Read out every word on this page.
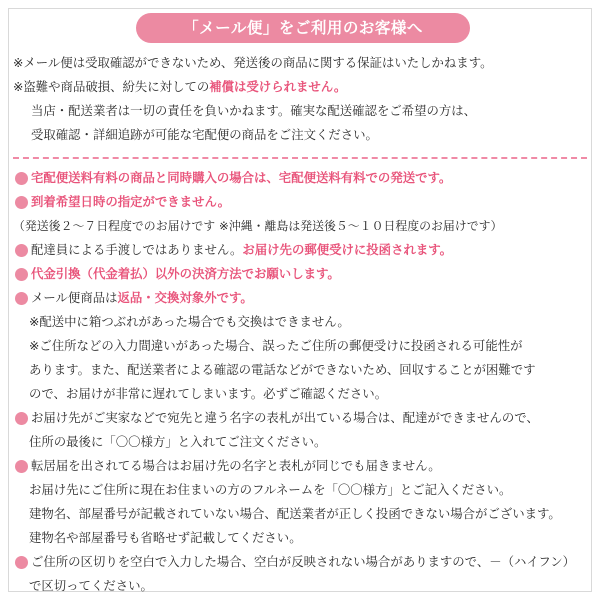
「メール便」をご利用のお客様へ
※メール便は受取確認ができないため、発送後の商品に関する保証はいたしかねます。
※盗難や商品破損、紛失に対しての補償は受けられません。
当店・配送業者は一切の責任を負いかねます。確実な配送確認をご希望の方は、
受取確認・詳細追跡が可能な宅配便の商品をご注文ください。
宅配便送料有料の商品と同時購入の場合は、宅配便送料有料での発送です。
到着希望日時の指定ができません。
（発送後２～７日程度でのお届けです ※沖縄・離島は発送後５～１０日程度のお届けです）
配達員による手渡しではありません。お届け先の郵便受けに投函されます。
代金引換（代金着払）以外の決済方法でお願いします。
メール便商品は返品・交換対象外です。
※配送中に箱つぶれがあった場合でも交換はできません。
※ご住所などの入力間違いがあった場合、誤ったご住所の郵便受けに投函される可能性が
あります。また、配送業者による確認の電話などができないため、回収することが困難です
ので、お届けが非常に遅れてしまいます。必ずご確認ください。
お届け先がご実家などで宛先と違う名字の表札が出ている場合は、配達ができませんので、
住所の最後に「〇〇様方」と入れてご注文ください。
転居届を出されてる場合はお届け先の名字と表札が同じでも届きません。
お届け先にご住所に現在お住まいの方のフルネームを「〇〇様方」とご記入ください。
建物名、部屋番号が記載されていない場合、配送業者が正しく投函できない場合がございます。
建物名や部屋番号も省略せず記載してください。
ご住所の区切りを空白で入力した場合、空白が反映されない場合がありますので、－（ハイフン）
で区切ってください。
